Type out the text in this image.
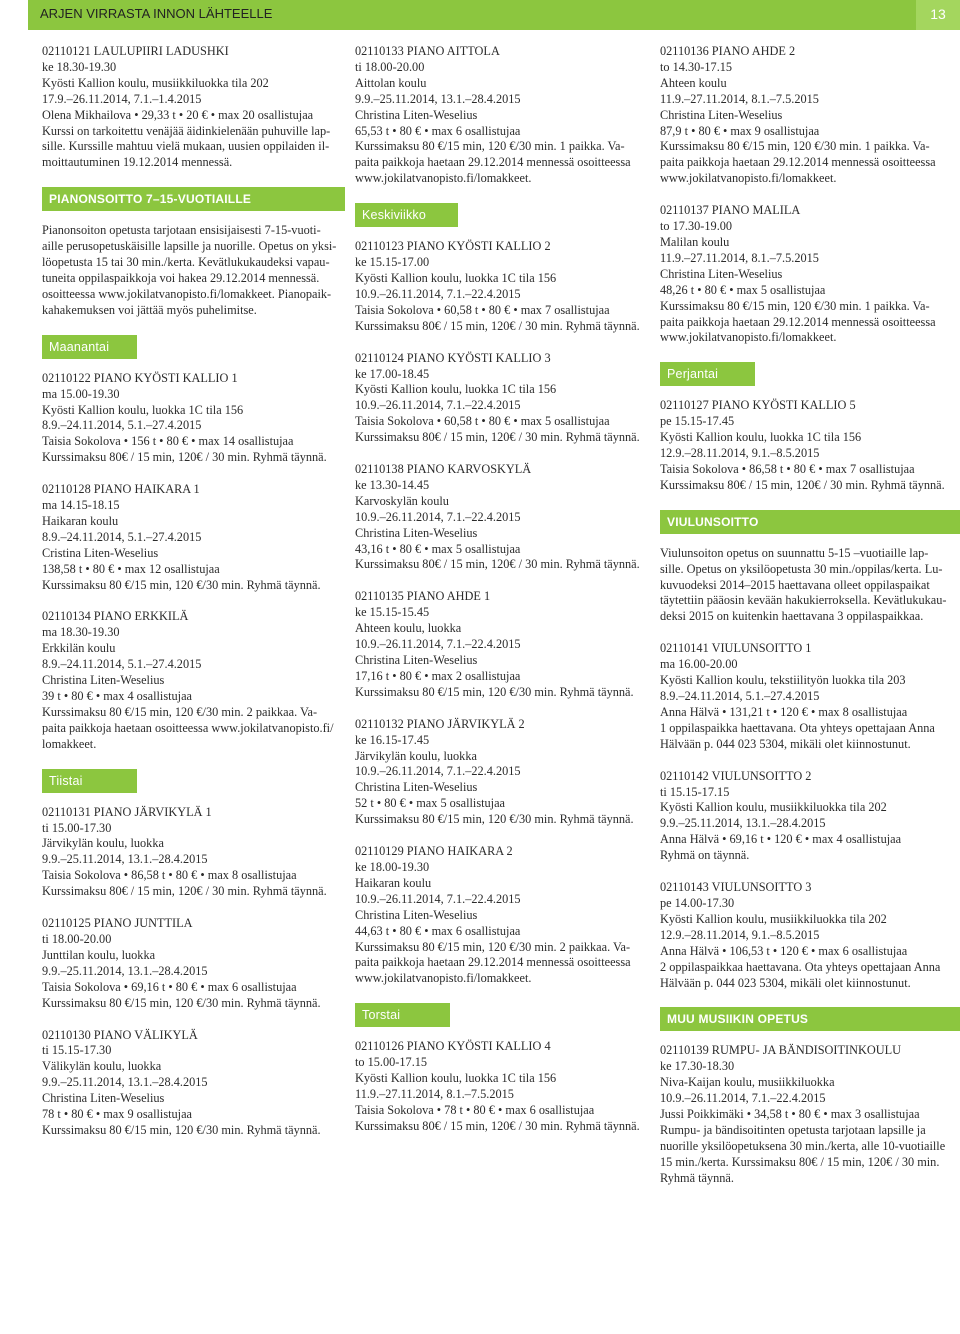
ARJEN VIRRASTA INNON LÄHTEELLE	13
02110121 LAULUPIIRI LADUSHKI
ke 18.30-19.30
Kyösti Kallion koulu, musiikkiluokka tila 202
17.9.–26.11.2014, 7.1.–1.4.2015
Olena Mikhailova • 29,33 t • 20 € • max 20 osallistujaa
Kurssi on tarkoitettu venäjää äidinkielenään puhuville lap-
sille. Kurssille mahtuu vielä mukaan, uusien oppilaiden il-
moittautuminen 19.12.2014 mennessä.
PIANONSOITTO 7–15-VUOTIAILLE
Pianonsoiton opetusta tarjotaan ensisijaisesti 7-15-vuoti-
aille perusopetuskäisille lapsille ja nuorille. Opetus on yksi-
löopetusta 15 tai 30 min./kerta. Kevätlukukaudeksi vapau-
tuneita oppilaspaikkoja voi hakea 29.12.2014 mennessä.
osoitteessa www.jokilatvanopisto.fi/lomakkeet. Pianopaik-
kahakemuksen voi jättää myös puhelimitse.
Maanantai
02110122 PIANO KYÖSTI KALLIO 1
ma 15.00-19.30
Kyösti Kallion koulu, luokka 1C tila 156
8.9.–24.11.2014, 5.1.–27.4.2015
Taisia Sokolova • 156 t • 80 € • max 14 osallistujaa
Kurssimaksu 80€ / 15 min, 120€ / 30 min. Ryhmä täynnä.
02110128 PIANO HAIKARA 1
ma 14.15-18.15
Haikaran koulu
8.9.–24.11.2014, 5.1.–27.4.2015
Cristina Liten-Weselius
138,58 t • 80 € • max 12 osallistujaa
Kurssimaksu 80 €/15 min, 120 €/30 min. Ryhmä täynnä.
02110134 PIANO ERKKILÄ
ma 18.30-19.30
Erkkilän koulu
8.9.–24.11.2014, 5.1.–27.4.2015
Christina Liten-Weselius
39 t • 80 € • max 4 osallistujaa
Kurssimaksu 80 €/15 min, 120 €/30 min. 2 paikkaa. Va-
paita paikkoja haetaan osoitteessa www.jokilatvanopisto.fi/
lomakkeet.
Tiistai
02110131 PIANO JÄRVIKYLÄ 1
ti 15.00-17.30
Järvikylän koulu, luokka
9.9.–25.11.2014, 13.1.–28.4.2015
Taisia Sokolova • 86,58 t • 80 € • max 8 osallistujaa
Kurssimaksu 80€ / 15 min, 120€ / 30 min. Ryhmä täynnä.
02110125 PIANO JUNTTILA
ti 18.00-20.00
Junttilan koulu, luokka
9.9.–25.11.2014, 13.1.–28.4.2015
Taisia Sokolova • 69,16 t • 80 € • max 6 osallistujaa
Kurssimaksu 80 €/15 min, 120 €/30 min. Ryhmä täynnä.
02110130 PIANO VÄLIKYLÄ
ti 15.15-17.30
Välikylän koulu, luokka
9.9.–25.11.2014, 13.1.–28.4.2015
Christina Liten-Weselius
78 t • 80 € • max 9 osallistujaa
Kurssimaksu 80 €/15 min, 120 €/30 min. Ryhmä täynnä.
02110133 PIANO AITTOLA
ti 18.00-20.00
Aittolan koulu
9.9.–25.11.2014, 13.1.–28.4.2015
Christina Liten-Weselius
65,53 t • 80 € • max 6 osallistujaa
Kurssimaksu 80 €/15 min, 120 €/30 min. 1 paikka. Va-
paita paikkoja haetaan 29.12.2014 mennessä osoitteessa
www.jokilatvanopisto.fi/lomakkeet.
Keskiviikko
02110123 PIANO KYÖSTI KALLIO 2
ke 15.15-17.00
Kyösti Kallion koulu, luokka 1C tila 156
10.9.–26.11.2014, 7.1.–22.4.2015
Taisia Sokolova • 60,58 t • 80 € • max 7 osallistujaa
Kurssimaksu 80€ / 15 min, 120€ / 30 min. Ryhmä täynnä.
02110124 PIANO KYÖSTI KALLIO 3
ke 17.00-18.45
Kyösti Kallion koulu, luokka 1C tila 156
10.9.–26.11.2014, 7.1.–22.4.2015
Taisia Sokolova • 60,58 t • 80 € • max 5 osallistujaa
Kurssimaksu 80€ / 15 min, 120€ / 30 min. Ryhmä täynnä.
02110138 PIANO KARVOSKYLÄ
ke 13.30-14.45
Karvoskylän koulu
10.9.–26.11.2014, 7.1.–22.4.2015
Christina Liten-Weselius
43,16 t • 80 € • max 5 osallistujaa
Kurssimaksu 80€ / 15 min, 120€ / 30 min. Ryhmä täynnä.
02110135 PIANO AHDE 1
ke 15.15-15.45
Ahteen koulu, luokka
10.9.–26.11.2014, 7.1.–22.4.2015
Christina Liten-Weselius
17,16 t • 80 € • max 2 osallistujaa
Kurssimaksu 80 €/15 min, 120 €/30 min. Ryhmä täynnä.
02110132 PIANO JÄRVIKYLÄ 2
ke 16.15-17.45
Järvikylän koulu, luokka
10.9.–26.11.2014, 7.1.–22.4.2015
Christina Liten-Weselius
52 t • 80 € • max 5 osallistujaa
Kurssimaksu 80 €/15 min, 120 €/30 min. Ryhmä täynnä.
02110129 PIANO HAIKARA 2
ke 18.00-19.30
Haikaran koulu
10.9.–26.11.2014, 7.1.–22.4.2015
Christina Liten-Weselius
44,63 t • 80 € • max 6 osallistujaa
Kurssimaksu 80 €/15 min, 120 €/30 min. 2 paikkaa. Va-
paita paikkoja haetaan 29.12.2014 mennessä osoitteessa
www.jokilatvanopisto.fi/lomakkeet.
Torstai
02110126 PIANO KYÖSTI KALLIO 4
to 15.00-17.15
Kyösti Kallion koulu, luokka 1C tila 156
11.9.–27.11.2014, 8.1.–7.5.2015
Taisia Sokolova • 78 t • 80 € • max 6 osallistujaa
Kurssimaksu 80€ / 15 min, 120€ / 30 min. Ryhmä täynnä.
02110136 PIANO AHDE 2
to 14.30-17.15
Ahteen koulu
11.9.–27.11.2014, 8.1.–7.5.2015
Christina Liten-Weselius
87,9 t • 80 € • max 9 osallistujaa
Kurssimaksu 80 €/15 min, 120 €/30 min. 1 paikka. Va-
paita paikkoja haetaan 29.12.2014 mennessä osoitteessa
www.jokilatvanopisto.fi/lomakkeet.
02110137 PIANO MALILA
to 17.30-19.00
Malilan koulu
11.9.–27.11.2014, 8.1.–7.5.2015
Christina Liten-Weselius
48,26 t • 80 € • max 5 osallistujaa
Kurssimaksu 80 €/15 min, 120 €/30 min. 1 paikka. Va-
paita paikkoja haetaan 29.12.2014 mennessä osoitteessa
www.jokilatvanopisto.fi/lomakkeet.
Perjantai
02110127 PIANO KYÖSTI KALLIO 5
pe 15.15-17.45
Kyösti Kallion koulu, luokka 1C tila 156
12.9.–28.11.2014, 9.1.–8.5.2015
Taisia Sokolova • 86,58 t • 80 € • max 7 osallistujaa
Kurssimaksu 80€ / 15 min, 120€ / 30 min. Ryhmä täynnä.
VIULUNSOITTO
Viulunsoiton opetus on suunnattu 5-15 –vuotiaille lap-
sille. Opetus on yksilöopetusta 30 min./oppilas/kerta. Lu-
kuvuodeksi 2014–2015 haettavana olleet oppilaspaikat
täytettiin pääosin kevään hakukierroksella. Kevätlukukau-
deksi 2015 on kuitenkin haettavana 3 oppilaspaikkaa.
02110141 VIULUNSOITTO 1
ma 16.00-20.00
Kyösti Kallion koulu, tekstiilityön luokka tila 203
8.9.–24.11.2014, 5.1.–27.4.2015
Anna Hälvä • 131,21 t • 120 € • max 8 osallistujaa
1 oppilaspaikka haettavana. Ota yhteys opettajaan Anna
Hälvään p. 044 023 5304, mikäli olet kiinnostunut.
02110142 VIULUNSOITTO 2
ti 15.15-17.15
Kyösti Kallion koulu, musiikkiluokka tila 202
9.9.–25.11.2014, 13.1.–28.4.2015
Anna Hälvä • 69,16 t • 120 € • max 4 osallistujaa
Ryhmä on täynnä.
02110143 VIULUNSOITTO 3
pe 14.00-17.30
Kyösti Kallion koulu, musiikkiluokka tila 202
12.9.–28.11.2014, 9.1.–8.5.2015
Anna Hälvä • 106,53 t • 120 € • max 6 osallistujaa
2 oppilaspaikkaa haettavana. Ota yhteys opettajaan Anna
Hälvään p. 044 023 5304, mikäli olet kiinnostunut.
MUU MUSIIKIN OPETUS
02110139 RUMPU- JA BÄNDISOITINKOULU
ke 17.30-18.30
Niva-Kaijan koulu, musiikkiluokka
10.9.–26.11.2014, 7.1.–22.4.2015
Jussi Poikkimäki • 34,58 t • 80 € • max 3 osallistujaa
Rumpu- ja bändisoitinten opetusta tarjotaan lapsille ja
nuorille yksilöopetuksena 30 min./kerta, alle 10-vuotiaille
15 min./kerta. Kurssimaksu 80€ / 15 min, 120€ / 30 min.
Ryhmä täynnä.
